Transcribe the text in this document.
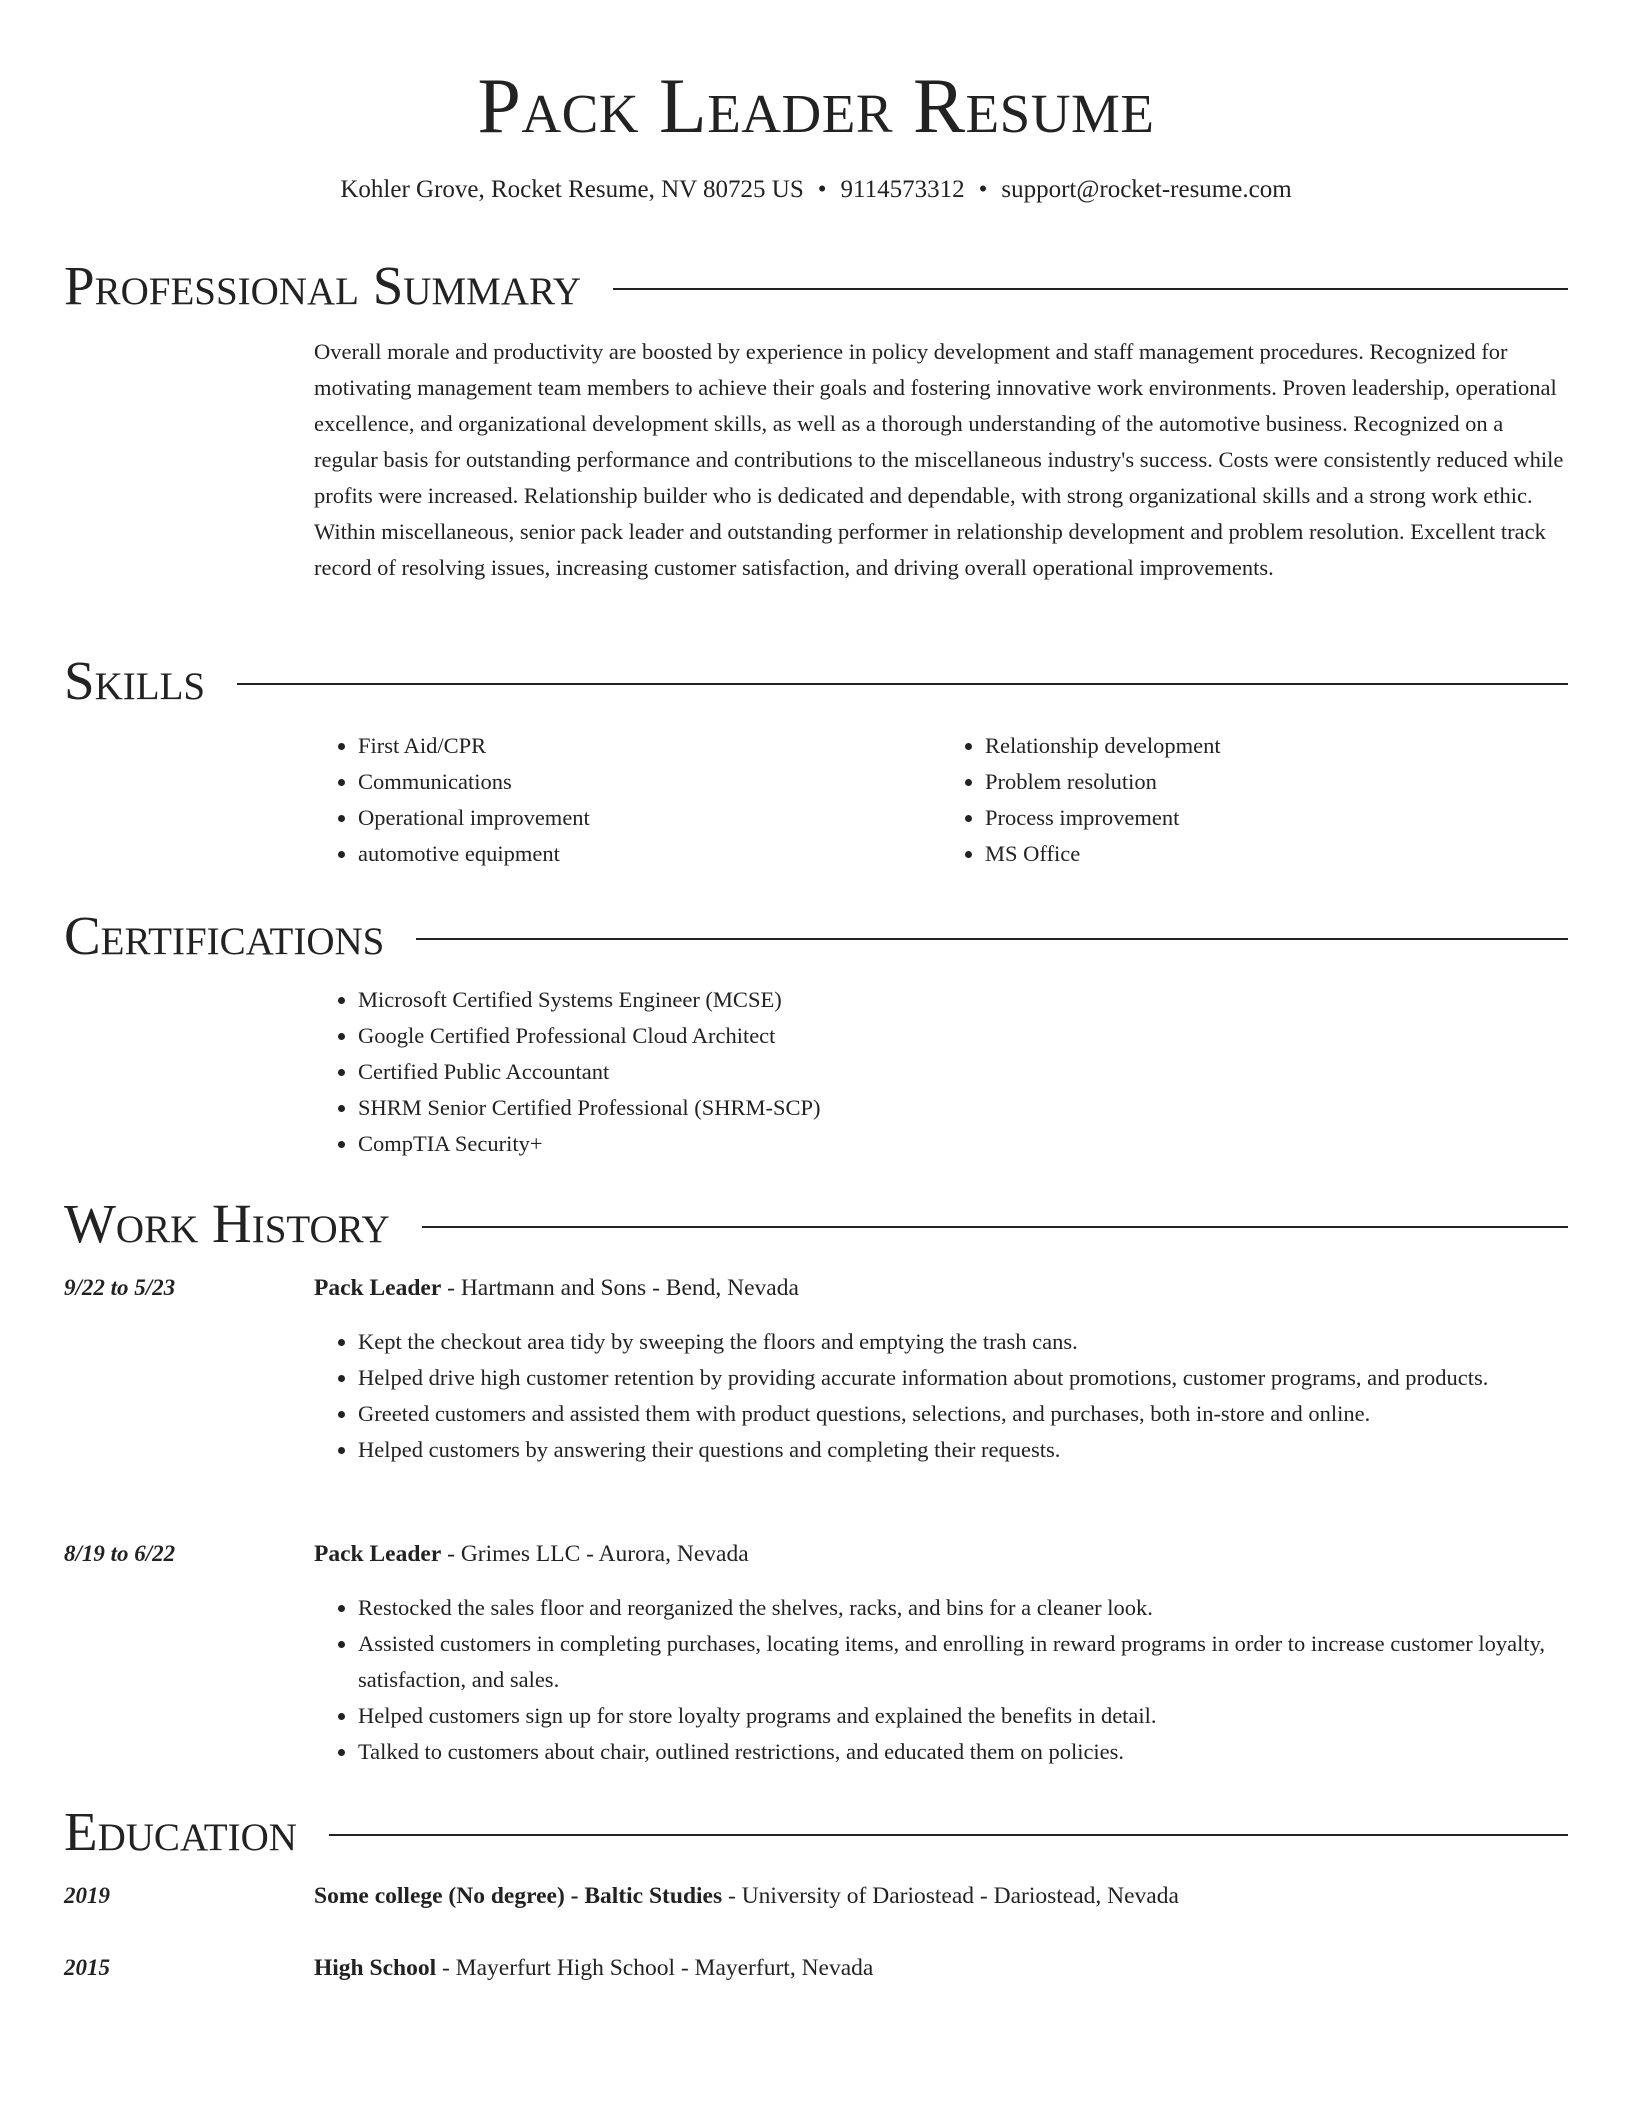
Pack Leader Resume
Kohler Grove, Rocket Resume, NV 80725 US • 9114573312 • support@rocket-resume.com
Professional Summary

Overall morale and productivity are boosted by experience in policy development and staff management procedures. Recognized for motivating management team members to achieve their goals and fostering innovative work environments. Proven leadership, operational excellence, and organizational development skills, as well as a thorough understanding of the automotive business. Recognized on a regular basis for outstanding performance and contributions to the miscellaneous industry's success. Costs were consistently reduced while profits were increased. Relationship builder who is dedicated and dependable, with strong organizational skills and a strong work ethic. Within miscellaneous, senior pack leader and outstanding performer in relationship development and problem resolution. Excellent track record of resolving issues, increasing customer satisfaction, and driving overall operational improvements.

Skills
• First Aid/CPR
• Communications
• Operational improvement
• automotive equipment
• Relationship development
• Problem resolution
• Process improvement
• MS Office
Certifications
• Microsoft Certified Systems Engineer (MCSE)
• Google Certified Professional Cloud Architect
• Certified Public Accountant
• SHRM Senior Certified Professional (SHRM-SCP)
• CompTIA Security+
Work History
9/22 to 5/23	Pack Leader - Hartmann and Sons - Bend, Nevada
• Kept the checkout area tidy by sweeping the floors and emptying the trash cans.
• Helped drive high customer retention by providing accurate information about promotions, customer programs, and products.
• Greeted customers and assisted them with product questions, selections, and purchases, both in-store and online.
• Helped customers by answering their questions and completing their requests.
8/19 to 6/22	Pack Leader - Grimes LLC - Aurora, Nevada
• Restocked the sales floor and reorganized the shelves, racks, and bins for a cleaner look.
• Assisted customers in completing purchases, locating items, and enrolling in reward programs in order to increase customer loyalty, satisfaction, and sales.
• Helped customers sign up for store loyalty programs and explained the benefits in detail.
• Talked to customers about chair, outlined restrictions, and educated them on policies.
Education
2019	Some college (No degree) - Baltic Studies - University of Dariostead - Dariostead, Nevada
2015	High School - Mayerfurt High School - Mayerfurt, Nevada
